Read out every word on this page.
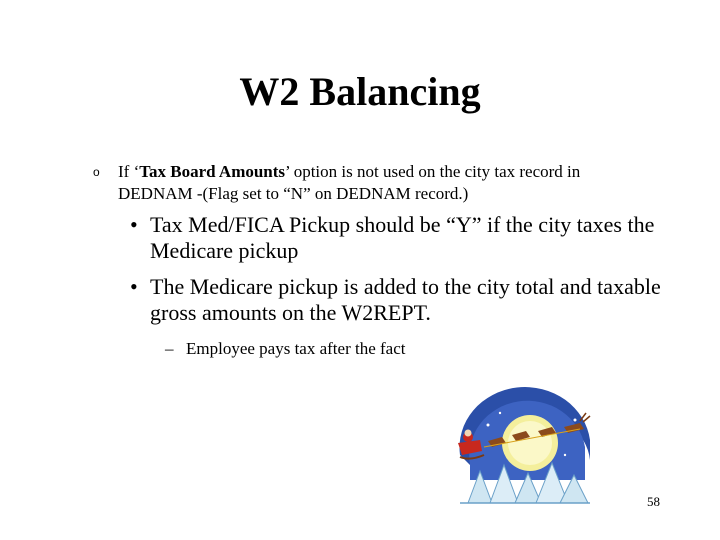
W2 Balancing
o If ‘Tax Board Amounts’ option is not used on the city tax record in DEDNAM -(Flag set to “N” on DEDNAM record.)
• Tax Med/FICA Pickup should be “Y” if the city taxes the Medicare pickup
• The Medicare pickup is added to the city total and taxable gross amounts on the W2REPT.
– Employee pays tax after the fact
58
